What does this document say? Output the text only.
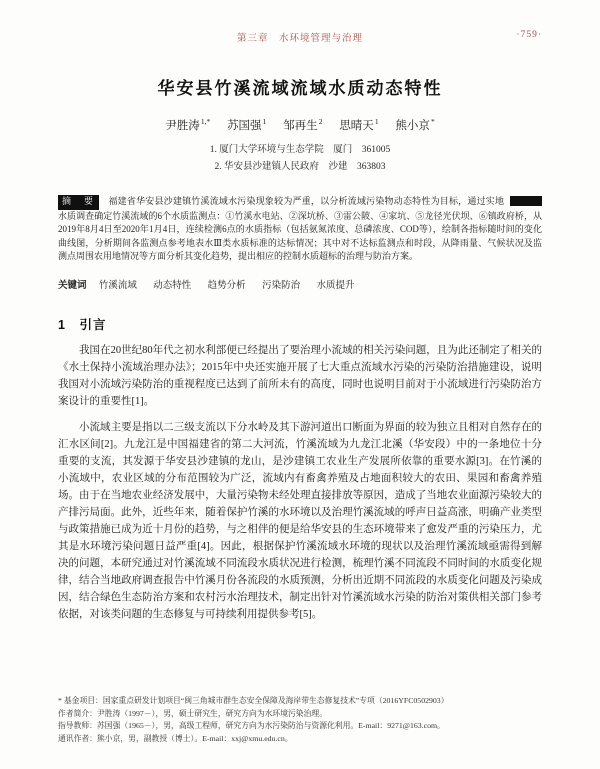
第三章　水环境管理与治理	·759·
华安县竹溪流域流域水质动态特性
尹胜涛$^{1,*}$ 苏国强$^1$ 邹再生$^2$ 思晴天$^1$ 熊小京*
1. 厦门大学环境与生态学院　厦门　361005
2. 华安县沙建镇人民政府　沙建　363803
摘　要 福建省华安县沙建镇竹溪流域水污染现象较为严重，以分析流域污染物动态特性为目标，通过实地水质调查确定竹溪流域的6个水质监测点：①竹溪水电站、②深坑桥、③雷公陂、④家坑、⑤龙径光伏坝、⑥镇政府桥，从2019年8月4日至2020年1月4日，连续检测6点的水质指标（包括氨氮浓度、总磷浓度、COD等），绘制各指标随时间的变化曲线图，分析期间各监测点参考地表水Ⅲ类水质标准的达标情况；其中对不达标监测点和时段，从降雨量、气候状况及监测点周围农用地情况等方面分析其变化趋势，提出相应的控制水质超标的治理与防治方案。
关键词 竹溪流域 动态特性 趋势分析 污染防治 水质提升
1　引言
我国在20世纪80年代之初水利部便已经提出了要治理小流域的相关污染问题，且为此还制定了相关的《水土保持小流域治理办法》；2015年中央还实施开展了七大重点流域水污染的污染防治措施建设，说明我国对小流域污染防治的重视程度已达到了前所未有的高度，同时也说明目前对于小流域进行污染防治方案设计的重要性[1]。
小流域主要是指以二三级支流以下分水岭及其下游河道出口断面为界面的较为独立且相对自然存在的汇水区间[2]。九龙江是中国福建省的第二大河流，竹溪流域为九龙江北溪（华安段）中的一条地位十分重要的支流，其发源于华安县沙建镇的龙山，是沙建镇工农业生产发展所依靠的重要水源[3]。在竹溪的小流域中，农业区域的分布范围较为广泛，流域内有畜禽养殖及占地面积较大的农田、果园和畜禽养殖场。由于在当地农业经济发展中，大量污染物未经处理直接排放等原因，造成了当地农业面源污染较大的产排污局面。此外，近些年来，随着保护竹溪的水环境以及治理竹溪流域的呼声日益高涨，明确产业类型与政策措施已成为近十月份的趋势，与之相伴的便是给华安县的生态环境带来了愈发严重的污染压力，尤其是水环境污染问题日益严重[4]。因此，根据保护竹溪流域水环境的现状以及治理竹溪流域亟需得到解决的问题，本研究通过对竹溪流域不同流段水质状况进行检测，梳理竹溪不同流段不同时间的水质变化规律，结合当地政府调查报告中竹溪月份各流段的水质预测，分析出近期不同流段的水质变化问题及污染成因，结合绿色生态防治方案和农村污水治理技术，制定出针对竹溪流域水污染的防治对策供相关部门参考依据，对该类问题的生态修复与可持续利用提供参考[5]。
* 基金项目：国家重点研发计划项目“闽三角城市群生态安全保障及海岸带生态修复技术”专项（2016YFC0502903）
作者简介：尹胜涛（1997－），男，硕士研究生，研究方向为水环境污染治理。
指导教师：苏国强（1965－），男，高级工程师，研究方向为水污染防治与资源化利用。E-mail：9271@163.com。
通讯作者：熊小京，男，副教授（博士）。E-mail：xxj@xmu.edu.cn。
